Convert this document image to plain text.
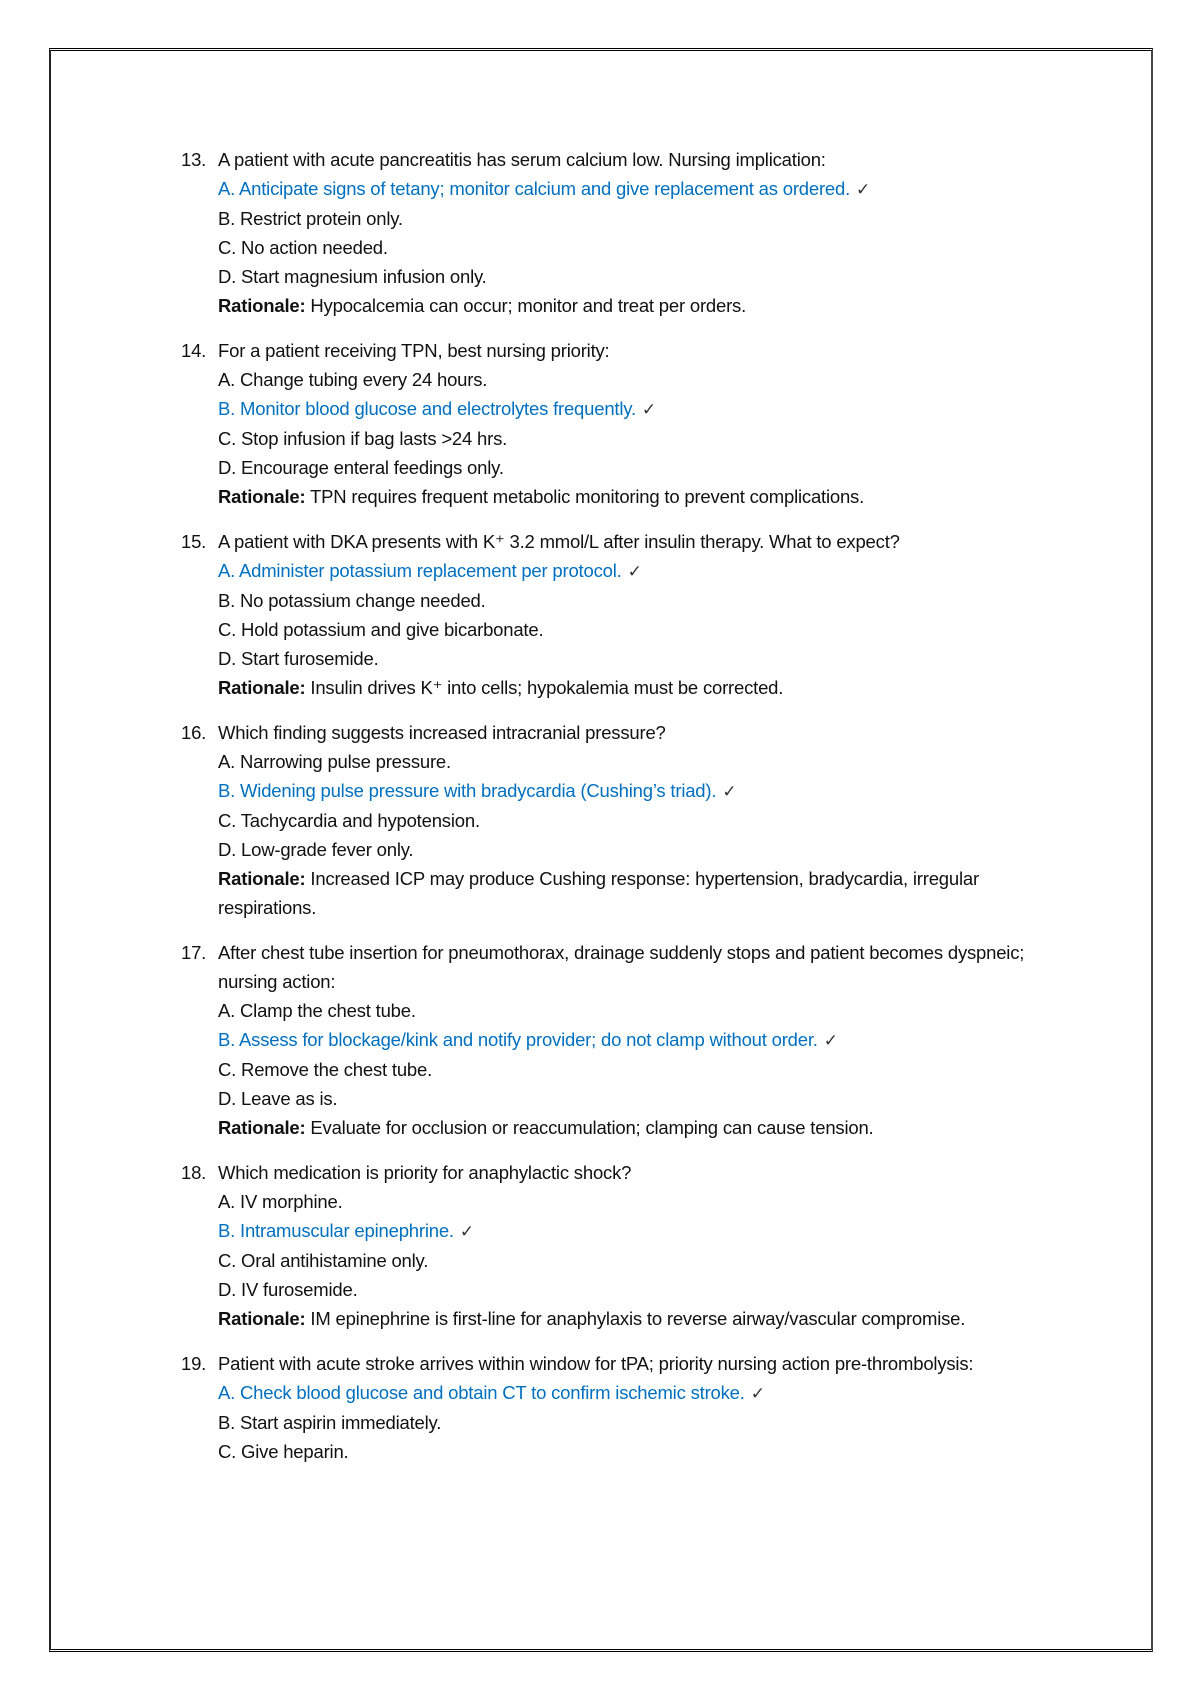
13. A patient with acute pancreatitis has serum calcium low. Nursing implication:
A. Anticipate signs of tetany; monitor calcium and give replacement as ordered. ✓
B. Restrict protein only.
C. No action needed.
D. Start magnesium infusion only.
Rationale: Hypocalcemia can occur; monitor and treat per orders.
14. For a patient receiving TPN, best nursing priority:
A. Change tubing every 24 hours.
B. Monitor blood glucose and electrolytes frequently. ✓
C. Stop infusion if bag lasts >24 hrs.
D. Encourage enteral feedings only.
Rationale: TPN requires frequent metabolic monitoring to prevent complications.
15. A patient with DKA presents with K⁺ 3.2 mmol/L after insulin therapy. What to expect?
A. Administer potassium replacement per protocol. ✓
B. No potassium change needed.
C. Hold potassium and give bicarbonate.
D. Start furosemide.
Rationale: Insulin drives K⁺ into cells; hypokalemia must be corrected.
16. Which finding suggests increased intracranial pressure?
A. Narrowing pulse pressure.
B. Widening pulse pressure with bradycardia (Cushing’s triad). ✓
C. Tachycardia and hypotension.
D. Low-grade fever only.
Rationale: Increased ICP may produce Cushing response: hypertension, bradycardia, irregular respirations.
17. After chest tube insertion for pneumothorax, drainage suddenly stops and patient becomes dyspneic; nursing action:
A. Clamp the chest tube.
B. Assess for blockage/kink and notify provider; do not clamp without order. ✓
C. Remove the chest tube.
D. Leave as is.
Rationale: Evaluate for occlusion or reaccumulation; clamping can cause tension.
18. Which medication is priority for anaphylactic shock?
A. IV morphine.
B. Intramuscular epinephrine. ✓
C. Oral antihistamine only.
D. IV furosemide.
Rationale: IM epinephrine is first-line for anaphylaxis to reverse airway/vascular compromise.
19. Patient with acute stroke arrives within window for tPA; priority nursing action pre-thrombolysis:
A. Check blood glucose and obtain CT to confirm ischemic stroke. ✓
B. Start aspirin immediately.
C. Give heparin.
